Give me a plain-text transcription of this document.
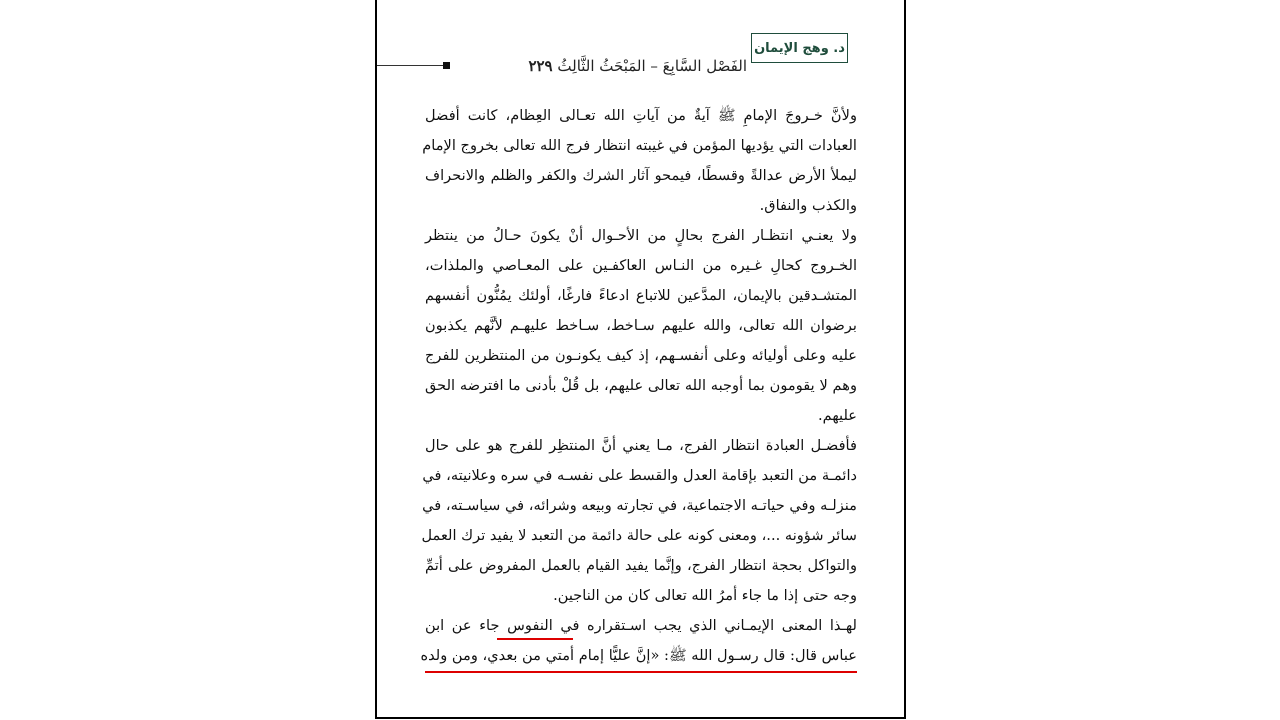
د. وهج الإيمان
الفَصْل السَّابِعَ – المَبْحَثُ الثَّالِثُ ٢٢٩
ولأنَّ خـروجَ الإمامِ ﷺ آيةٌ من آياتِ الله تعـالى العِظام، كانت أفضل
العبادات التي يؤديها المؤمن في غيبته انتظار فرج الله تعالى بخروج الإمام
ليملأ الأرض عدالةً وقسطًا، فيمحو آثار الشرك والكفر والظلم والانحراف
والكذب والنفاق.
ولا يعنـي انتظـار الفرج بحالٍ من الأحـوال أنْ يكونَ حـالُ من ينتظر
الخـروج كحالِ غـيره من النـاس العاكفـين على المعـاصي والملذات،
المتشـدقين بالإيمان، المدَّعين للاتباع ادعاءً فارغًا، أولئك يمُنُّون أنفسهم
برضوان الله تعالى، والله عليهم سـاخط، سـاخط عليهـم لأنَّهم يكذبون
عليه وعلى أوليائه وعلى أنفسـهم، إذ كيف يكونـون من المنتظرين للفرج
وهم لا يقومون بما أوجبه الله تعالى عليهم، بل قُلْ بأدنى ما افترضه الحق
عليهم.
فأفضـل العبادة انتظار الفرج، مـا يعني أنَّ المنتظِر للفرج هو على حال
دائمـة من التعبد بإقامة العدل والقسط على نفسـه في سره وعلانيته، في
منزلـه وفي حياتـه الاجتماعية، في تجارته وبيعه وشرائه، في سياسـته، في
سائر شؤونه ...، ومعنى كونه على حالة دائمة من التعبد لا يفيد ترك العمل
والتواكل بحجة انتظار الفرج، وإنَّما يفيد القيام بالعمل المفروض على أتمِّ
وجه حتى إذا ما جاء أمرُ الله تعالى كان من الناجين.
لهـذا المعنى الإيمـاني الذي يجب اسـتقراره في النفوس جاء عن ابن
عباس قال: قال رسـول الله ﷺ: «إنَّ عليًّا إمام أمتي من بعدي، ومن ولده
